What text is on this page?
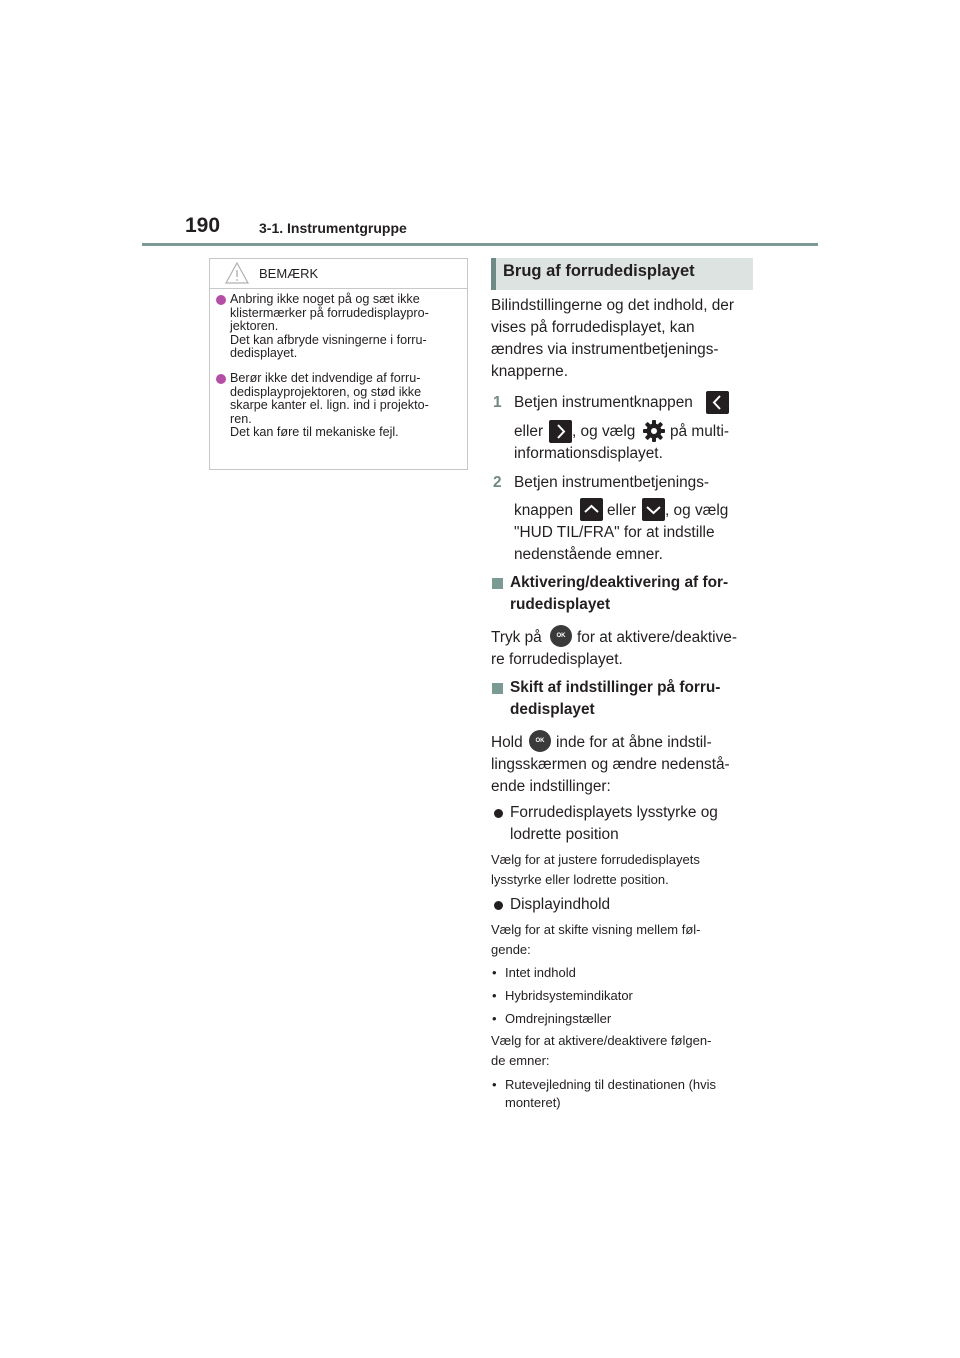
190	3-1. Instrumentgruppe
BEMÆRK
Anbring ikke noget på og sæt ikke
klistermærker på forrudedisplaypro-
jektoren.
Det kan afbryde visningerne i forru-
dedisplayet.
Berør ikke det indvendige af forru-
dedisplayprojektoren, og stød ikke
skarpe kanter el. lign. ind i projekto-
ren.
Det kan føre til mekaniske fejl.
Brug af forrudedisplayet
Bilindstillingerne og det indhold, der
vises på forrudedisplayet, kan
ændres via instrumentbetjenings-
knapperne.
1 Betjen instrumentknappen
eller , og vælg på multi-
informationsdisplayet.
2 Betjen instrumentbetjenings-
knappen eller , og vælg
"HUD TIL/FRA" for at indstille
nedenstående emner.
Aktivering/deaktivering af for-
rudedisplayet
Tryk på	OK for at aktivere/deaktive-
re forrudedisplayet.
Skift af indstillinger på forru-
dedisplayet
Hold	OK inde for at åbne indstil-
lingsskærmen og ændre nedenstå-
ende indstillinger:
Forrudedisplayets lysstyrke og
lodrette position
Vælg for at justere forrudedisplayets
lysstyrke eller lodrette position.
Displayindhold
Vælg for at skifte visning mellem føl-
gende:
• Intet indhold
• Hybridsystemindikator
• Omdrejningstæller
Vælg for at aktivere/deaktivere følgen-
de emner:
• Rutevejledning til destinationen (hvis
monteret)
